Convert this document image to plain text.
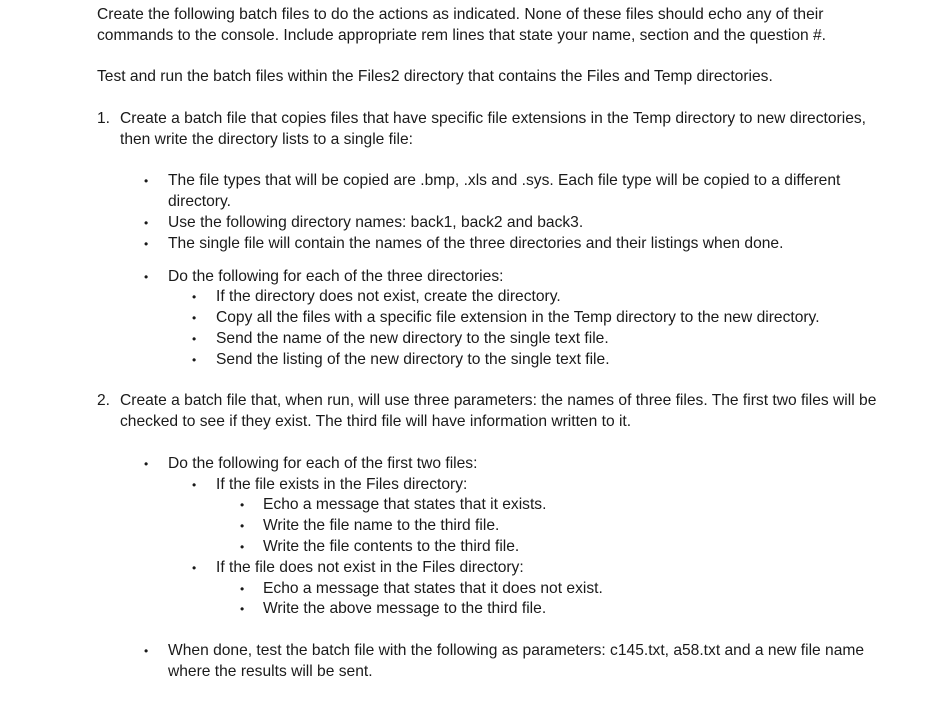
Create the following batch files to do the actions as indicated. None of these files should echo any of their commands to the console. Include appropriate rem lines that state your name, section and the question #.

Test and run the batch files within the Files2 directory that contains the Files and Temp directories.

1. Create a batch file that copies files that have specific file extensions in the Temp directory to new directories, then write the directory lists to a single file:
• The file types that will be copied are .bmp, .xls and .sys. Each file type will be copied to a different directory.
• Use the following directory names: back1, back2 and back3.
• The single file will contain the names of the three directories and their listings when done.
• Do the following for each of the three directories:
• If the directory does not exist, create the directory.
• Copy all the files with a specific file extension in the Temp directory to the new directory.
• Send the name of the new directory to the single text file.
• Send the listing of the new directory to the single text file.
2. Create a batch file that, when run, will use three parameters: the names of three files. The first two files will be checked to see if they exist. The third file will have information written to it.
• Do the following for each of the first two files:
• If the file exists in the Files directory:
• Echo a message that states that it exists.
• Write the file name to the third file.
• Write the file contents to the third file.
• If the file does not exist in the Files directory:
• Echo a message that states that it does not exist.
• Write the above message to the third file.
• When done, test the batch file with the following as parameters: c145.txt, a58.txt and a new file name where the results will be sent.
